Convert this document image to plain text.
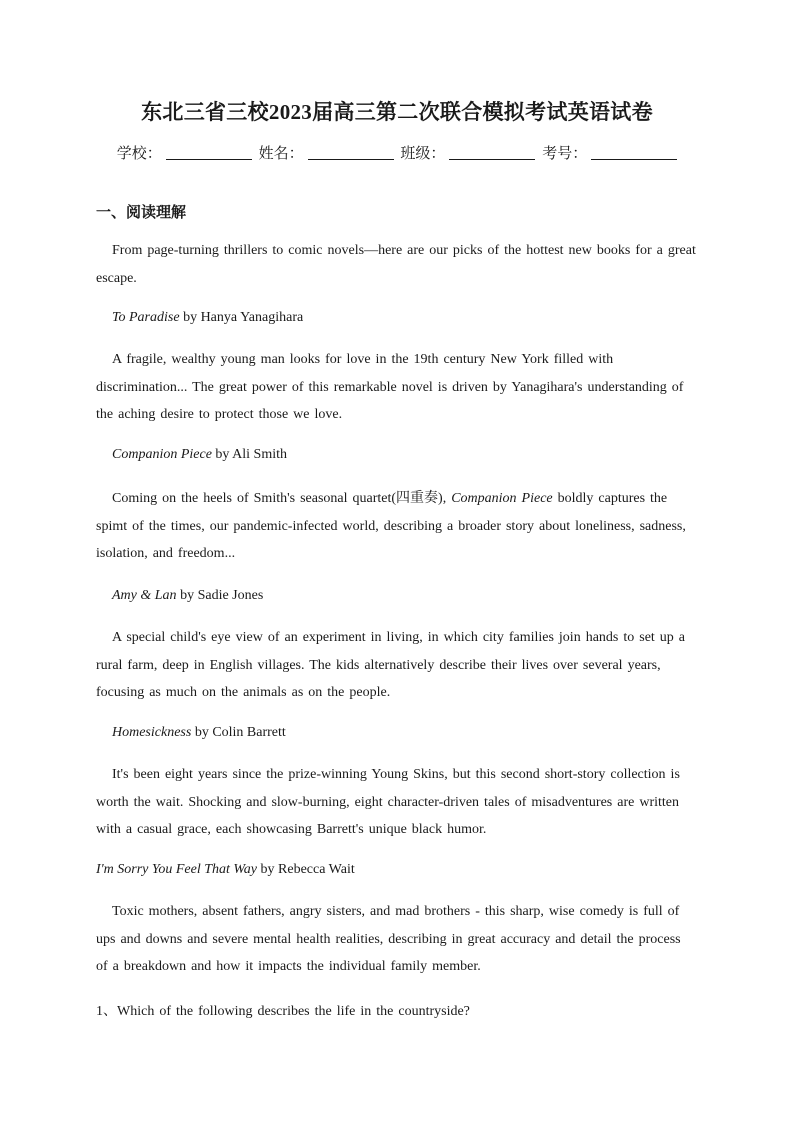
东北三省三校2023届高三第二次联合模拟考试英语试卷
学校：	姓名：	班级：	考号：
一、阅读理解
From page-turning thrillers to comic novels—here are our picks of the hottest new books for a great escape.
To Paradise by Hanya Yanagihara
A fragile, wealthy young man looks for love in the 19th century New York filled with discrimination... The great power of this remarkable novel is driven by Yanagihara's understanding of the aching desire to protect those we love.
Companion Piece by Ali Smith
Coming on the heels of Smith's seasonal quartet(四重奏), Companion Piece boldly captures the spimt of the times, our pandemic-infected world, describing a broader story about loneliness, sadness, isolation, and freedom...
Amy & Lan by Sadie Jones
A special child's eye view of an experiment in living, in which city families join hands to set up a rural farm, deep in English villages. The kids alternatively describe their lives over several years, focusing as much on the animals as on the people.
Homesickness by Colin Barrett
It's been eight years since the prize-winning Young Skins, but this second short-story collection is worth the wait. Shocking and slow-burning, eight character-driven tales of misadventures are written with a casual grace, each showcasing Barrett's unique black humor.
I'm Sorry You Feel That Way by Rebecca Wait
Toxic mothers, absent fathers, angry sisters, and mad brothers - this sharp, wise comedy is full of ups and downs and severe mental health realities, describing in great accuracy and detail the process of a breakdown and how it impacts the individual family member.
1、Which of the following describes the life in the countryside?
